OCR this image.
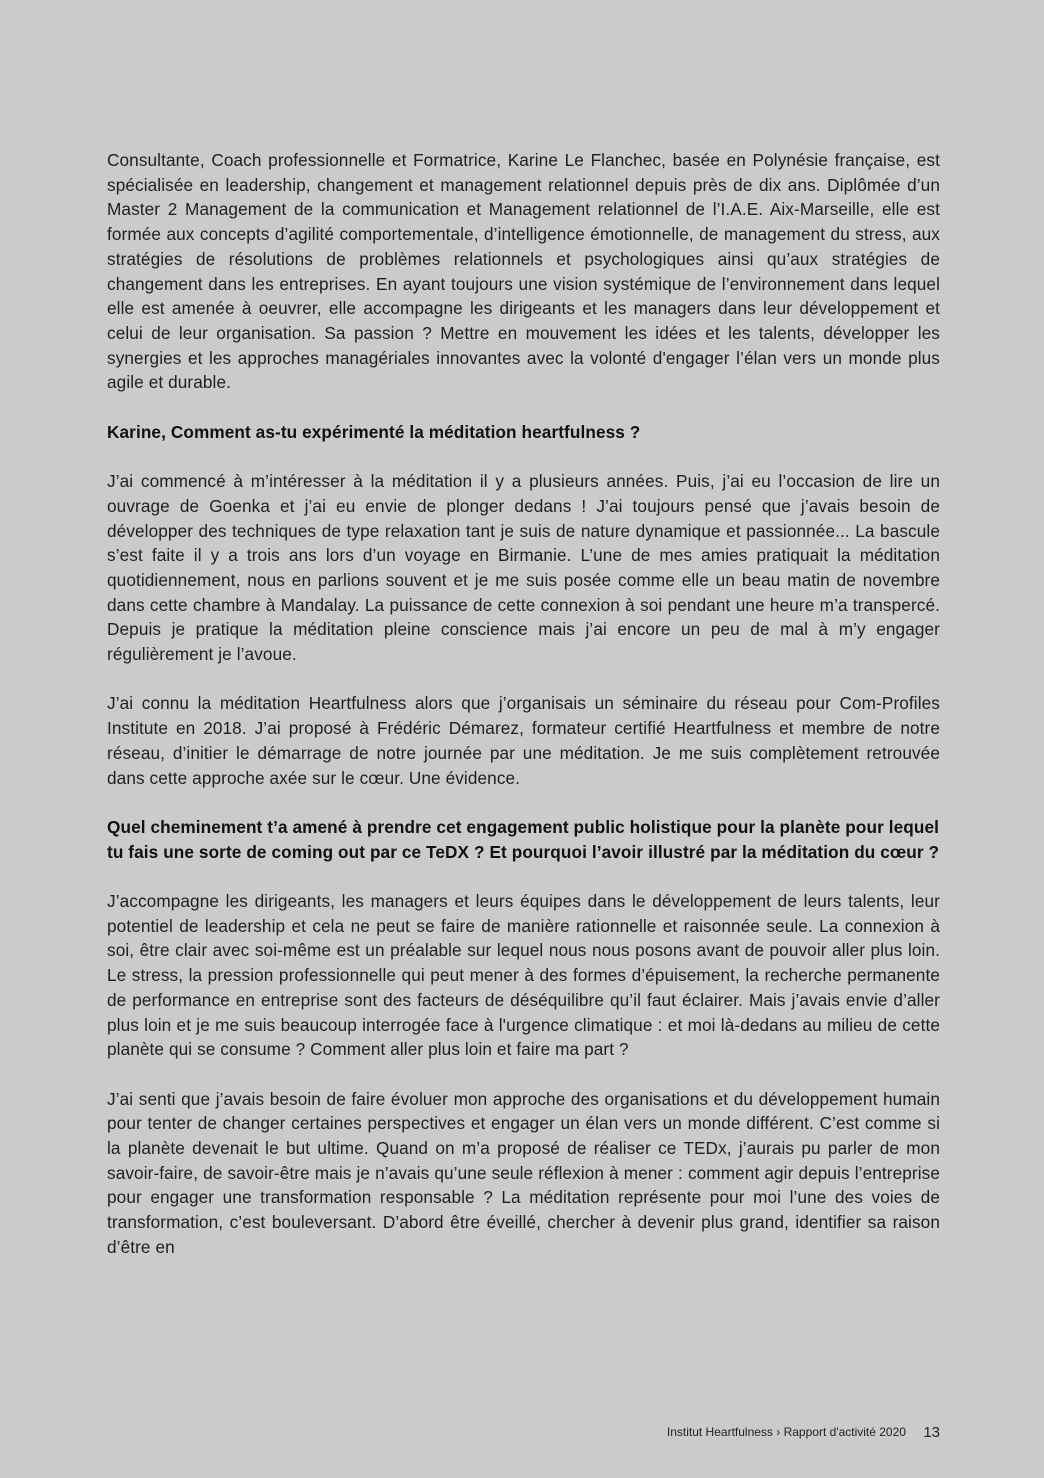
Consultante, Coach professionnelle et Formatrice, Karine Le Flanchec, basée en Polynésie française, est spécialisée en leadership, changement et management relationnel depuis près de dix ans. Diplômée d’un Master 2 Management de la communication et Management relationnel de l’I.A.E. Aix-Marseille, elle est formée aux concepts d’agilité comportementale, d’intelligence émotionnelle, de management du stress, aux stratégies de résolutions de problèmes relationnels et psychologiques ainsi qu’aux stratégies de changement dans les entreprises. En ayant toujours une vision systémique de l’environnement dans lequel elle est amenée à oeuvrer, elle accompagne les dirigeants et les managers dans leur développement et celui de leur organisation. Sa passion ? Mettre en mouvement les idées et les talents, développer les synergies et les approches managériales innovantes avec la volonté d'engager l’élan vers un monde plus agile et durable.

Karine, Comment as-tu expérimenté la méditation heartfulness ?

J’ai commencé à m’intéresser à la méditation il y a plusieurs années. Puis, j’ai eu l’occasion de lire un ouvrage de Goenka et j’ai eu envie de plonger dedans ! J’ai toujours pensé que j’avais besoin de développer des techniques de type relaxation tant je suis de nature dynamique et passionnée... La bascule s’est faite il y a trois ans lors d’un voyage en Birmanie. L’une de mes amies pratiquait la méditation quotidiennement, nous en parlions souvent et je me suis posée comme elle un beau matin de novembre dans cette chambre à Mandalay. La puissance de cette connexion à soi pendant une heure m’a transpercé. Depuis je pratique la méditation pleine conscience mais j’ai encore un peu de mal à m’y engager régulièrement je l’avoue.

J’ai connu la méditation Heartfulness alors que j’organisais un séminaire du réseau pour Com-Profiles Institute en 2018. J’ai proposé à Frédéric Démarez, formateur certifié Heartfulness et membre de notre réseau, d’initier le démarrage de notre journée par une méditation. Je me suis complètement retrouvée dans cette approche axée sur le cœur. Une évidence.

Quel cheminement t’a amené à prendre cet engagement public holistique pour la planète pour lequel tu fais une sorte de coming out par ce TeDX ? Et pourquoi l’avoir illustré par la méditation du cœur ?

J’accompagne les dirigeants, les managers et leurs équipes dans le développement de leurs talents, leur potentiel de leadership et cela ne peut se faire de manière rationnelle et raisonnée seule. La connexion à soi, être clair avec soi-même est un préalable sur lequel nous nous posons avant de pouvoir aller plus loin. Le stress, la pression professionnelle qui peut mener à des formes d’épuisement, la recherche permanente de performance en entreprise sont des facteurs de déséquilibre qu’il faut éclairer. Mais j’avais envie d’aller plus loin et je me suis beaucoup interrogée face à l'urgence climatique : et moi là-dedans au milieu de cette planète qui se consume ? Comment aller plus loin et faire ma part ?

J’ai senti que j’avais besoin de faire évoluer mon approche des organisations et du développement humain pour tenter de changer certaines perspectives et engager un élan vers un monde différent. C’est comme si la planète devenait le but ultime. Quand on m’a proposé de réaliser ce TEDx, j’aurais pu parler de mon savoir-faire, de savoir-être mais je n’avais qu’une seule réflexion à mener : comment agir depuis l’entreprise pour engager une transformation responsable ? La méditation représente pour moi l’une des voies de transformation, c’est bouleversant. D’abord être éveillé, chercher à devenir plus grand, identifier sa raison d’être en

Institut Heartfulness › Rapport d'activité 2020 13
